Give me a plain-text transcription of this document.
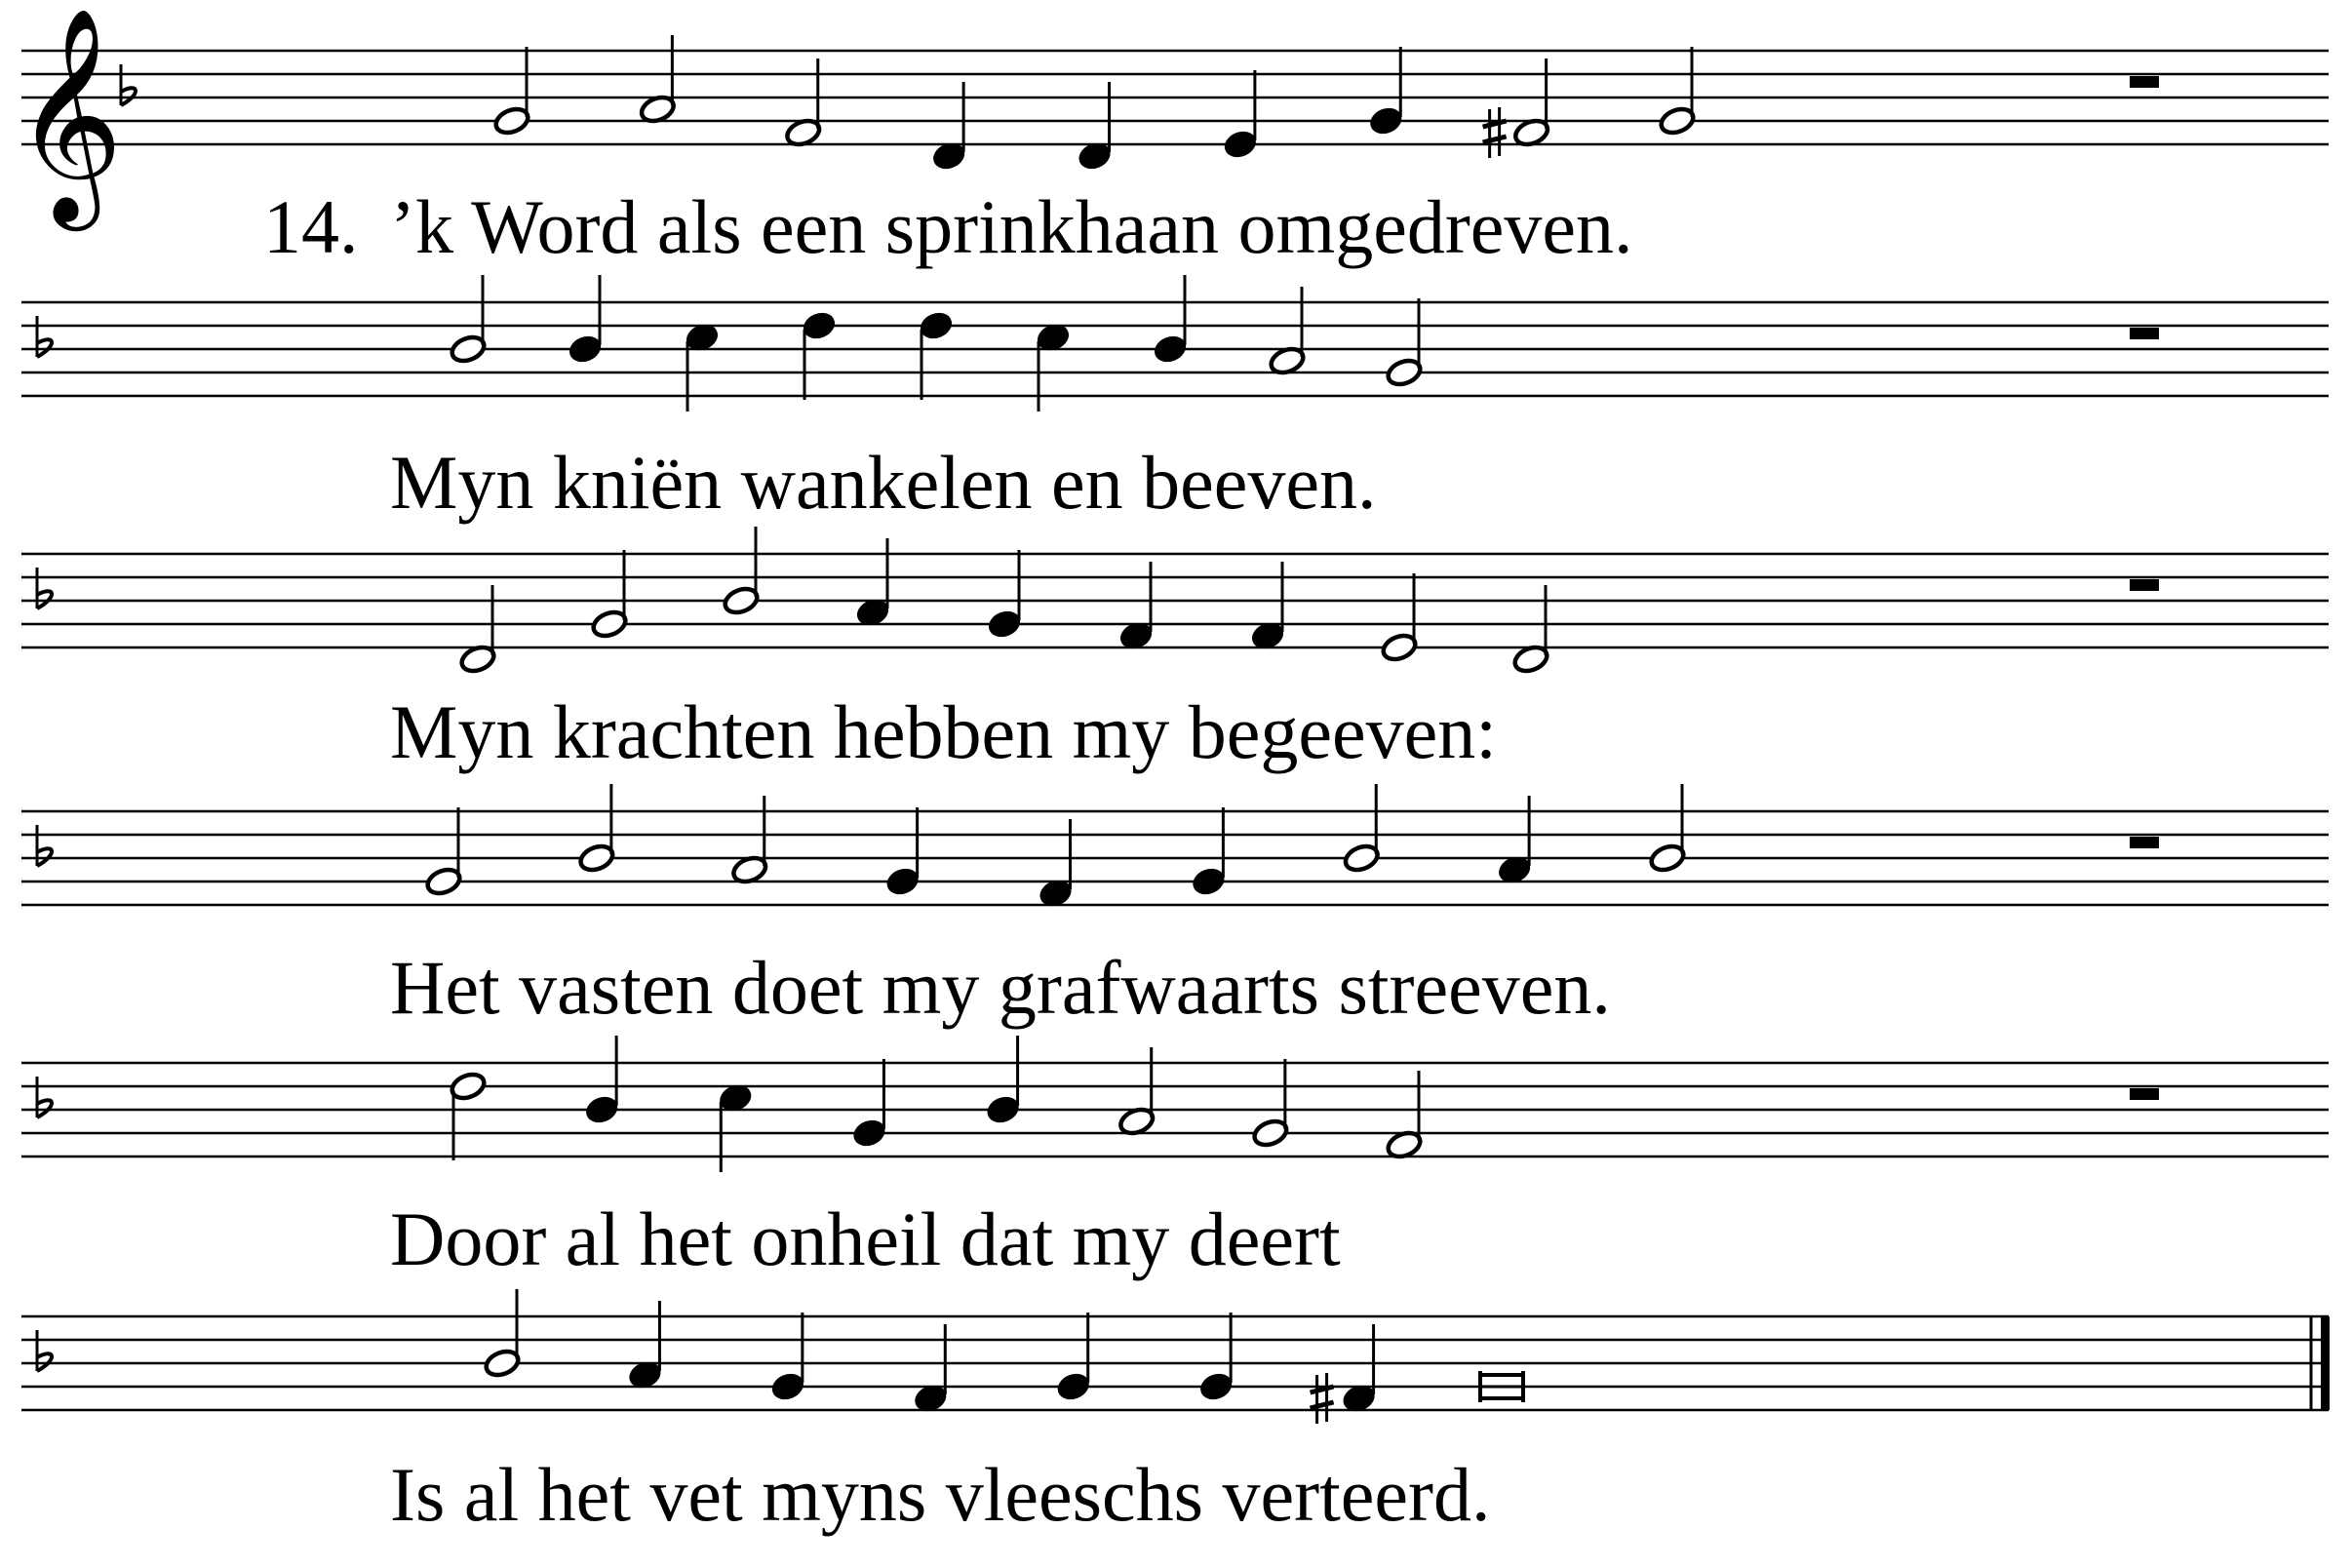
𝄞
14. ’k Word als een sprinkhaan omgedreven.
Myn kniën wankelen en beeven.
Myn krachten hebben my begeeven:
Het vasten doet my grafwaarts streeven.
Door al het onheil dat my deert
Is al het vet myns vleeschs verteerd.
